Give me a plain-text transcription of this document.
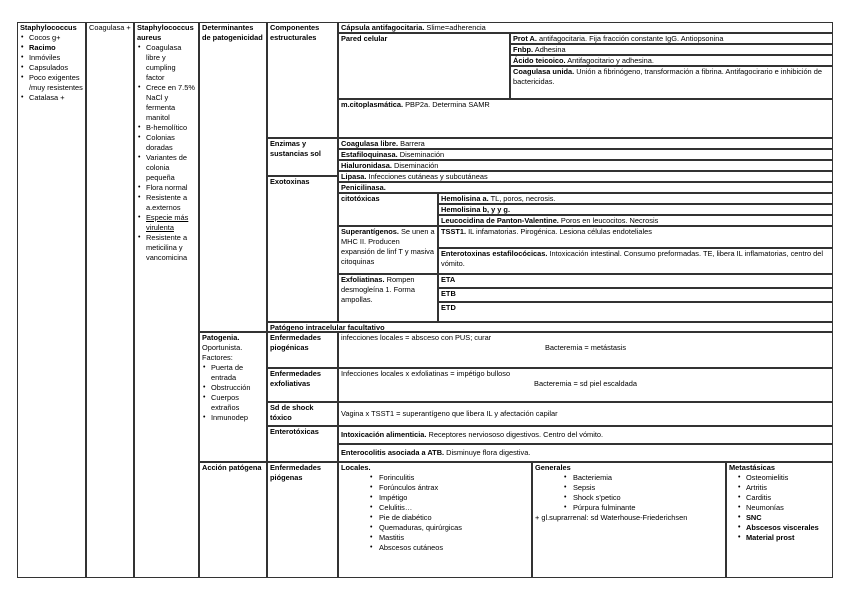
Staphylococcus
• Cocos g+
• Racimo
• Inmóviles
• Capsulados
• Poco exigentes /muy resistentes
• Catalasa +
Coagulasa + Staphylococcus aureus
• Coagulasa libre y cumpling factor
• Crece en 7.5% NaCl y fermenta manitol
• B-hemolítico
• Colonias doradas
• Variantes de colonia pequeña
• Flora normal
• Resistente a a.externos
• Especie más virulenta
• Resistente a meticilina y vancomicina
Determinantes de patogenicidad
Patogenia.
Oportunista. Factores:
• Puerta de entrada
• Obstrucción
• Cuerpos extraños
• Inmunodep
Acción patógena
Componentes estructurales
Enzimas y sustancias sol
Exotoxinas
Patógeno intracelular facultativo
Enfermedades piogénicas
Enfermedades exfoliativas
Sd de shock tóxico
Enterotóxicas
Enfermedades piógenas
Cápsula antifagocitaria. Slime=adherencia
Pared celular	Prot A. antifagocitaria. Fija fracción constante IgG. Antiopsonina
Fnbp. Adhesina
Ácido teicoico. Antifagocitario y adhesina.
Coagulasa unida. Unión a fibrinógeno, transformación a fibrina. Antifagocirario e inhibición de bactericidas.
m.citoplasmática. PBP2a. Determina SAMR
Coagulasa libre. Barrera
Estafiloquinasa. Diseminación
Hialuronidasa. Diseminación
Lipasa. Infecciones cutáneas y subcutáneas
Penicilinasa.
citotóxicas	Hemolisina a. TL, poros, necrosis.
Hemolisina b, y y g.
Leucocidina de Panton-Valentine. Poros en leucocitos. Necrosis
Superantígenos. Se unen a MHC II. Producen expansión de linf T y masiva citoquinas
TSST1. IL infamatorias. Pirogénica. Lesiona células endoteliales
Enterotoxinas estafilocócicas. Intoxicación intestinal. Consumo preformadas. TE, libera IL inflamatorias, centro del vómito.
Exfoliatinas. Rompen desmogleína 1. Forma ampollas.
ETA
ETB
ETD
infecciones locales = absceso con PUS; curar
Bacteremia = metástasis
Infecciones locales x exfoliatinas = impétigo bulloso
Bacteremia = sd piel escaldada
Vagina x TSST1 = superantígeno que libera IL y afectación capilar
Intoxicación alimenticia. Receptores nerviososo digestivos. Centro del vómito.
Enterocolitis asociada a ATB. Disminuye flora digestiva.
Locales.
• Forinculitis
• Forúnculos ántrax
• Impétigo
• Celulitis…
• Pie de diabético
• Quemaduras, quirúrgicas
• Mastitis
• Abscesos cutáneos
Generales
• Bacteriemia
• Sepsis
• Shock s’petico
• Púrpura fulminante
+ gl.suprarrenal: sd Waterhouse-Friederichsen
Metastásicas
• Osteomielitis
• Artritis
• Carditis
• Neumonías
• SNC
• Abscesos viscerales
• Material prost
